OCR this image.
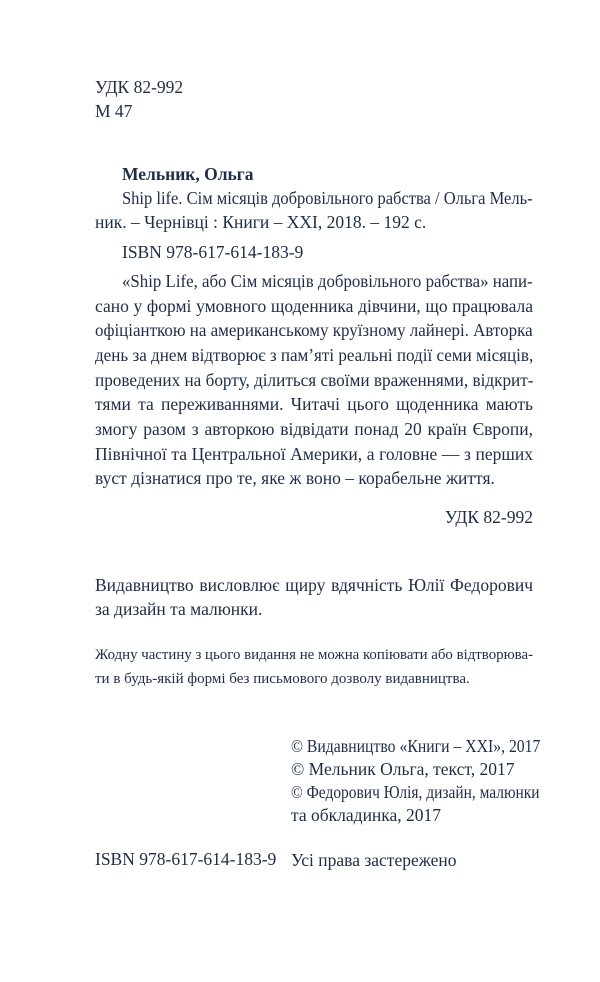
УДК 82-992
М 47
Мельник, Ольга
Ship life. Сім місяців добровільного рабства / Ольга Мель-
ник. – Чернівці : Книги – XXI, 2018. – 192 с.
ISBN 978-617-614-183-9
«Ship Life, або Сім місяців добровільного рабства» напи-
сано у формі умовного щоденника дівчини, що працювала
офіціанткою на американському круїзному лайнері. Авторка
день за днем відтворює з пам’яті реальні події семи місяців,
проведених на борту, ділиться своїми враженнями, відкрит-
тями та переживаннями. Читачі цього щоденника мають
змогу разом з авторкою відвідати понад 20 країн Європи,
Північної та Центральної Америки, а головне — з перших
вуст дізнатися про те, яке ж воно – корабельне життя.
УДК 82-992
Видавництво висловлює щиру вдячність Юлії Федорович
за дизайн та малюнки.
Жодну частину з цього видання не можна копіювати або відтворюва-
ти в будь-якій формі без письмового дозволу видавництва.
© Видавництво «Книги – XXI», 2017
© Мельник Ольга, текст, 2017
© Федорович Юлія, дизайн, малюнки
та обкладинка, 2017
ISBN 978-617-614-183-9 Усі права застережено
